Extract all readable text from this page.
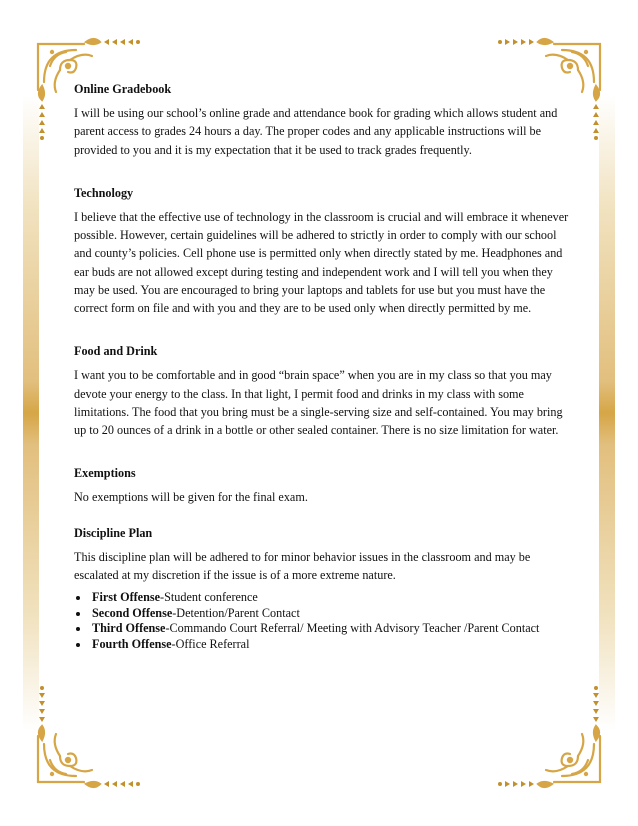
Online Gradebook

I will be using our school’s online grade and attendance book for grading which allows student and parent access to grades 24 hours a day. The proper codes and any applicable instructions will be provided to you and it is my expectation that it be used to track grades frequently.

Technology

I believe that the effective use of technology in the classroom is crucial and will embrace it whenever possible. However, certain guidelines will be adhered to strictly in order to comply with our school and county’s policies. Cell phone use is permitted only when directly stated by me. Headphones and ear buds are not allowed except during testing and independent work and I will tell you when they may be used. You are encouraged to bring your laptops and tablets for use but you must have the correct form on file and with you and they are to be used only when directly permitted by me.

Food and Drink

I want you to be comfortable and in good “brain space” when you are in my class so that you may devote your energy to the class. In that light, I permit food and drinks in my class with some limitations. The food that you bring must be a single-serving size and self-contained. You may bring up to 20 ounces of a drink in a bottle or other sealed container. There is no size limitation for water.

Exemptions

No exemptions will be given for the final exam.

Discipline Plan

This discipline plan will be adhered to for minor behavior issues in the classroom and may be escalated at my discretion if the issue is of a more extreme nature.

First Offense-Student conference
Second Offense-Detention/Parent Contact
Third Offense-Commando Court Referral/ Meeting with Advisory Teacher /Parent Contact
Fourth Offense-Office Referral
